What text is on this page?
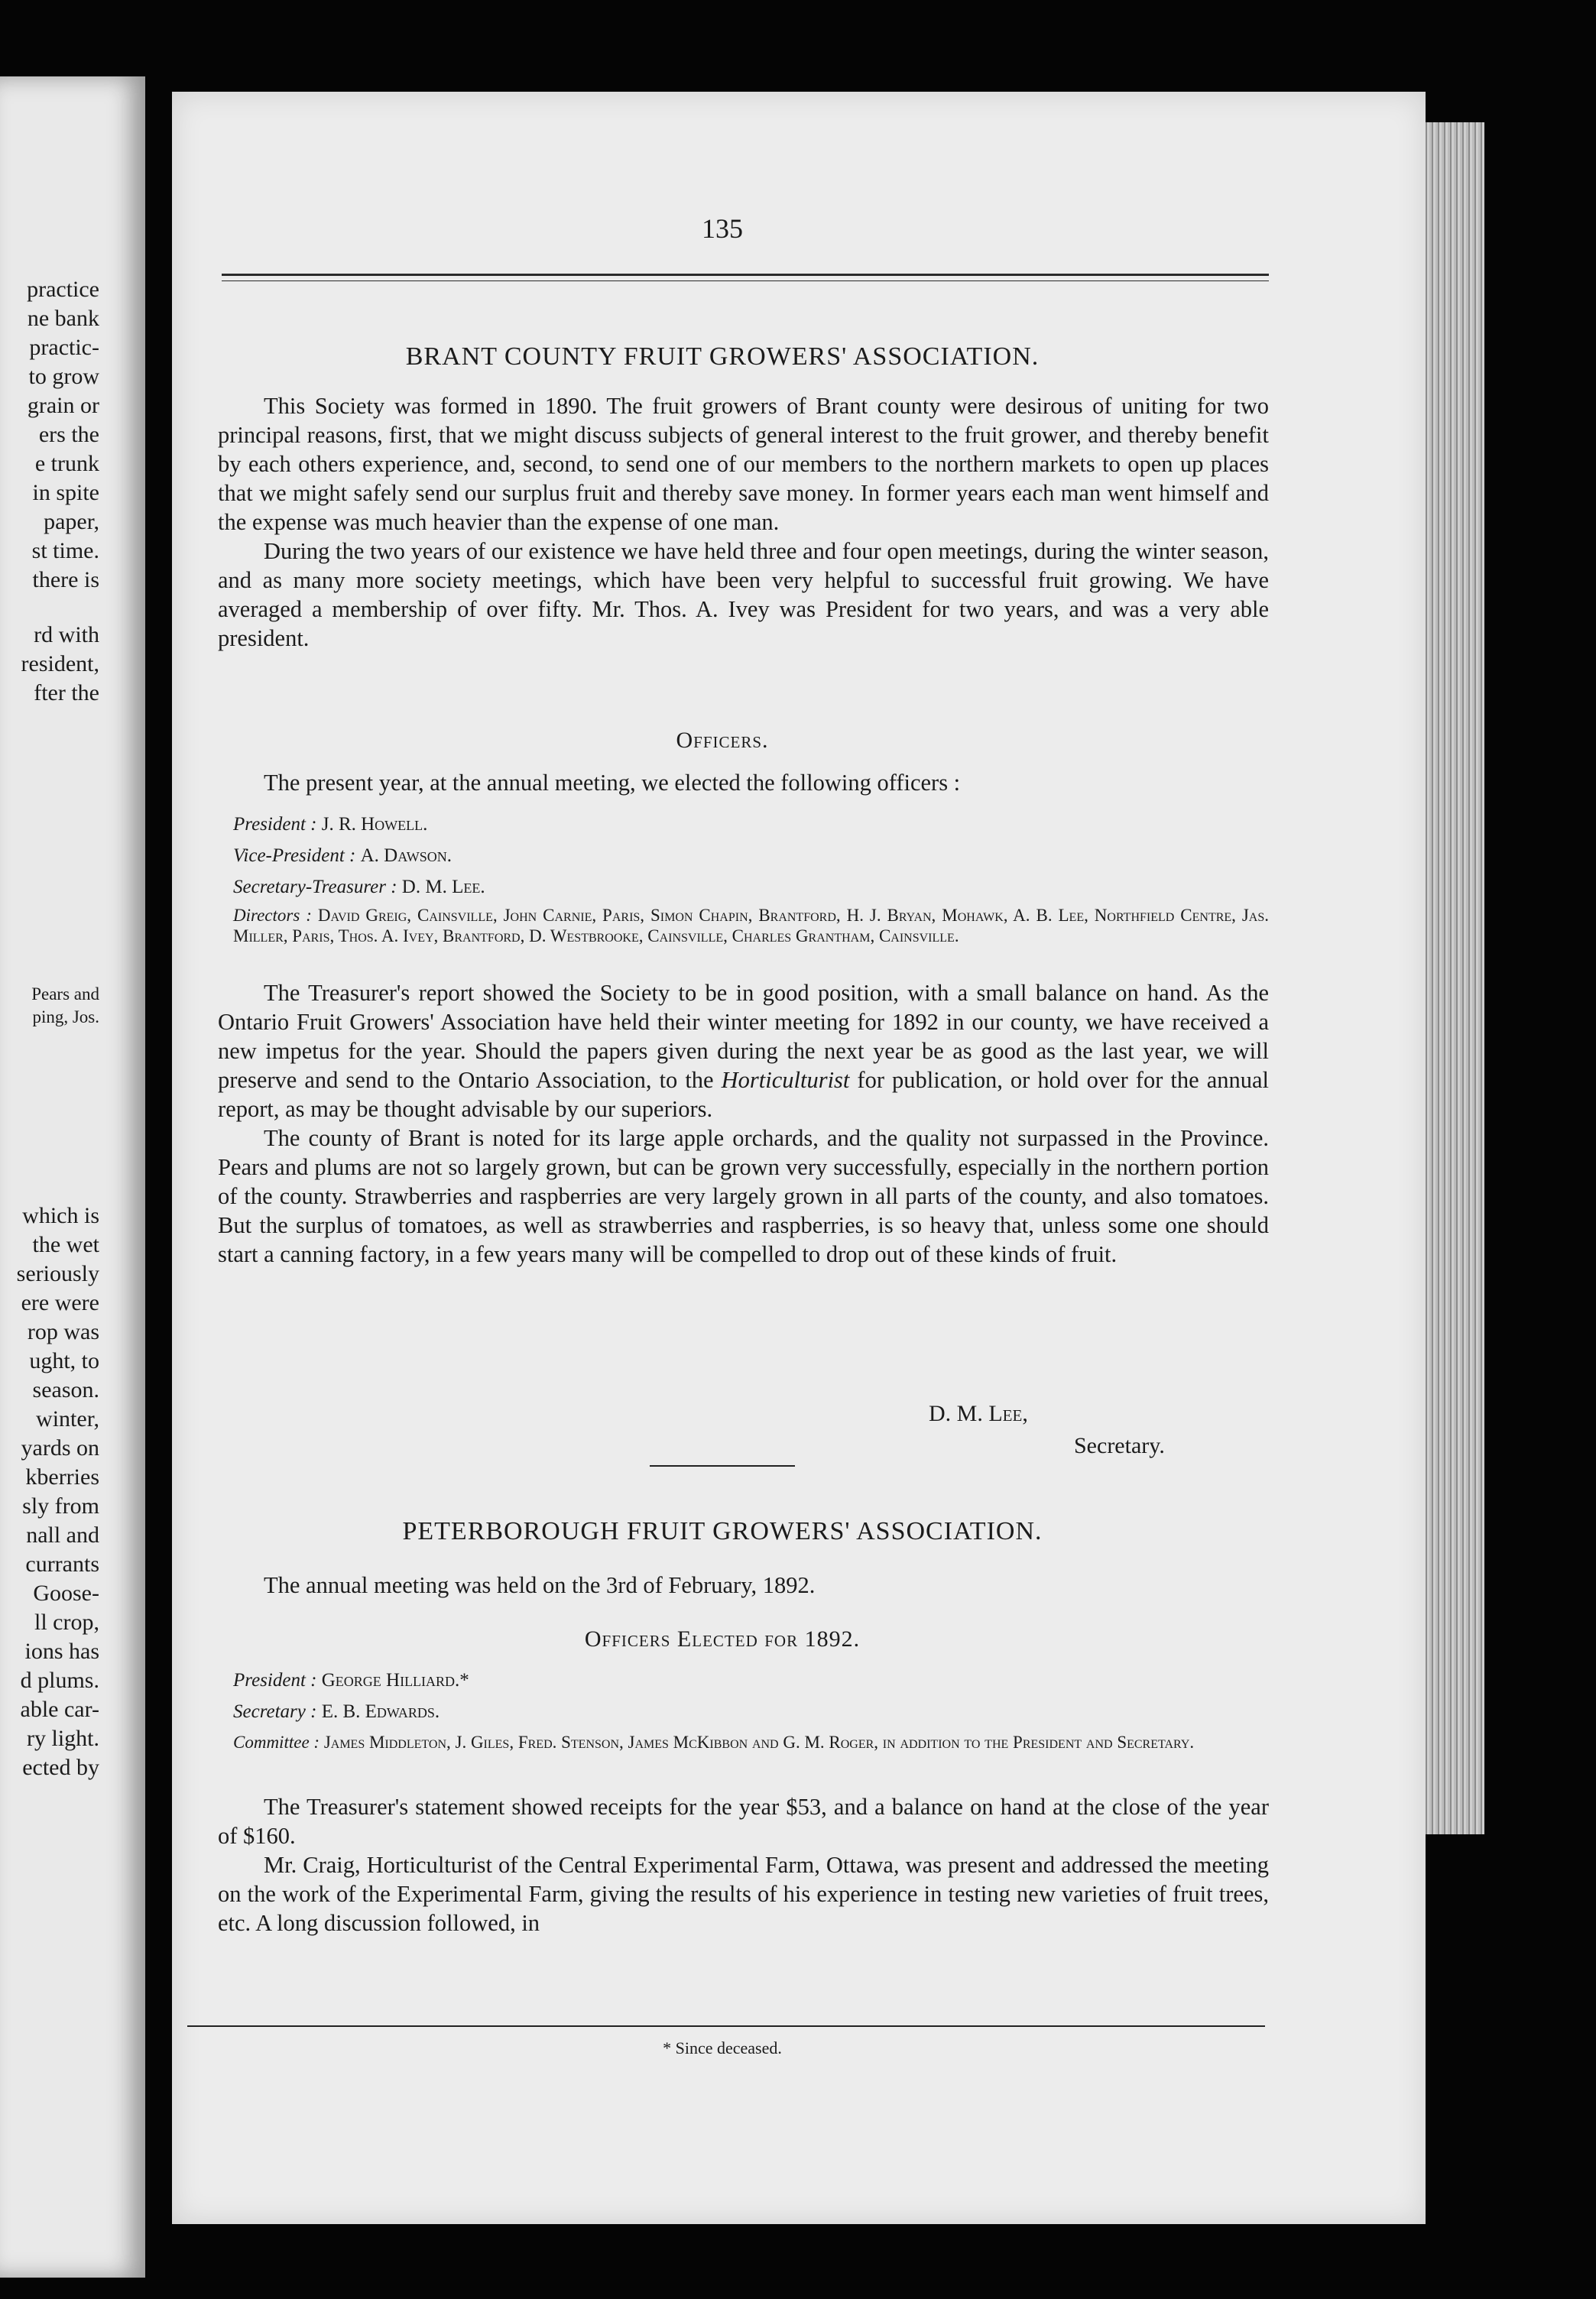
practice
ne bank
practic-
to grow
grain or
ers the
e trunk
in spite
paper,
st time.
there is
rd with
resident,
fter the
Pears and
ping, Jos.
which is
the wet
seriously
ere were
rop was
ught, to
season.
winter,
yards on
kberries
sly from
nall and
currants
Goose-
ll crop,
ions has
d plums.
able car-
ry light.
ected by
135
BRANT COUNTY FRUIT GROWERS' ASSOCIATION.

This Society was formed in 1890. The fruit growers of Brant county were desirous of uniting for two principal reasons, first, that we might discuss subjects of general interest to the fruit grower, and thereby benefit by each others experience, and, second, to send one of our members to the northern markets to open up places that we might safely send our surplus fruit and thereby save money. In former years each man went himself and the expense was much heavier than the expense of one man.

During the two years of our existence we have held three and four open meetings, during the winter season, and as many more society meetings, which have been very helpful to successful fruit growing. We have averaged a membership of over fifty. Mr. Thos. A. Ivey was President for two years, and was a very able president.

Officers.

The present year, at the annual meeting, we elected the following officers :

President : J. R. Howell.
Vice-President : A. Dawson.
Secretary-Treasurer : D. M. Lee.
Directors : David Greig, Cainsville, John Carnie, Paris, Simon Chapin, Brantford, H. J. Bryan, Mohawk, A. B. Lee, Northfield Centre, Jas. Miller, Paris, Thos. A. Ivey, Brantford, D. Westbrooke, Cainsville, Charles Grantham, Cainsville.

The Treasurer's report showed the Society to be in good position, with a small balance on hand. As the Ontario Fruit Growers' Association have held their winter meeting for 1892 in our county, we have received a new impetus for the year. Should the papers given during the next year be as good as the last year, we will preserve and send to the Ontario Association, to the Horticulturist for publication, or hold over for the annual report, as may be thought advisable by our superiors.

The county of Brant is noted for its large apple orchards, and the quality not surpassed in the Province. Pears and plums are not so largely grown, but can be grown very successfully, especially in the northern portion of the county. Strawberries and raspberries are very largely grown in all parts of the county, and also tomatoes. But the surplus of tomatoes, as well as strawberries and raspberries, is so heavy that, unless some one should start a canning factory, in a few years many will be compelled to drop out of these kinds of fruit.

D. M. Lee,
Secretary.
PETERBOROUGH FRUIT GROWERS' ASSOCIATION.

The annual meeting was held on the 3rd of February, 1892.

Officers Elected for 1892.
President : George Hilliard.*
Secretary : E. B. Edwards.
Committee : James Middleton, J. Giles, Fred. Stenson, James McKibbon and G. M. Roger, in addition to the President and Secretary.

The Treasurer's statement showed receipts for the year $53, and a balance on hand at the close of the year of $160.

Mr. Craig, Horticulturist of the Central Experimental Farm, Ottawa, was present and addressed the meeting on the work of the Experimental Farm, giving the results of his experience in testing new varieties of fruit trees, etc. A long discussion followed, in

* Since deceased.
